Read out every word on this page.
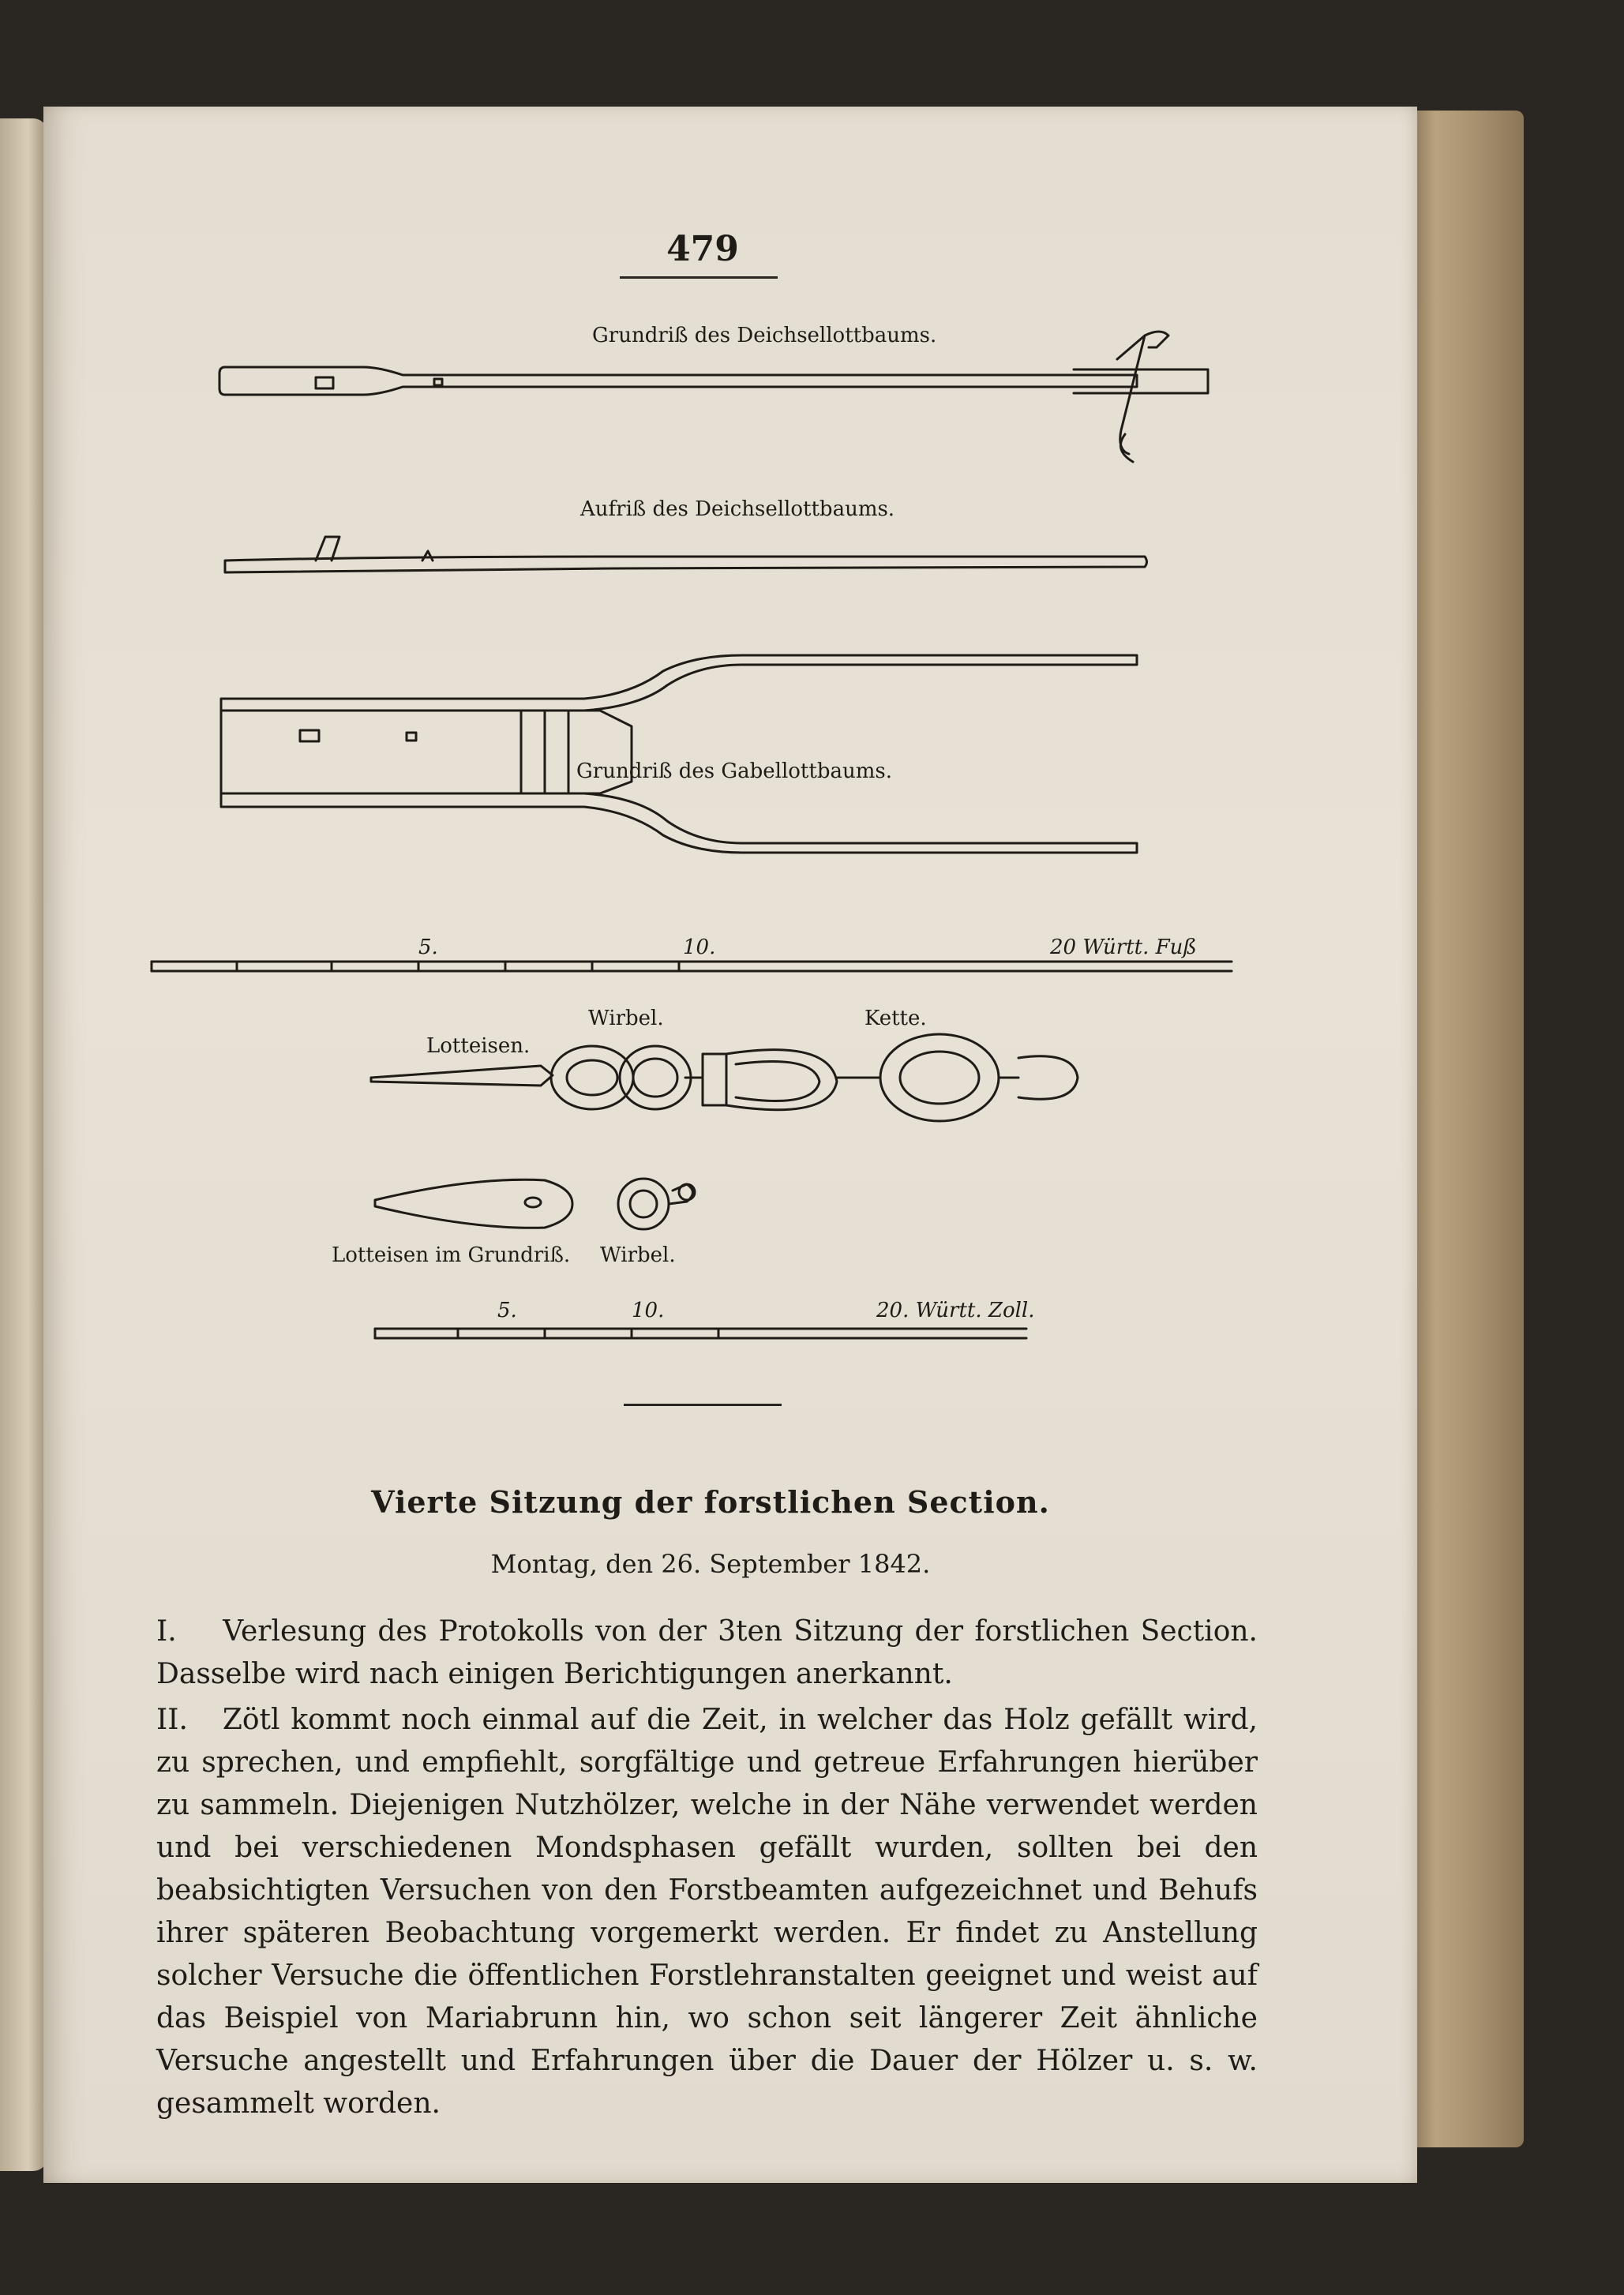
479
Grundriß des Deichsellottbaums.
Aufriß des Deichsellottbaums.
Grundriß des Gabellottbaums.
5.	10.	20 Württ. Fuß
Lotteisen.
Wirbel.	Kette.
Lotteisen im Grundriß. Wirbel.
5.	10.	20. Württ. Zoll.
Vierte Sitzung der forstlichen Section.
Montag, den 26. September 1842.

I. Verlesung des Protokolls von der 3ten Sitzung der forstlichen Section. Dasselbe wird nach einigen Berichtigungen anerkannt.

II. Zötl kommt noch einmal auf die Zeit, in welcher das Holz gefällt wird, zu sprechen, und empfiehlt, sorgfältige und getreue Erfahrungen hierüber zu sammeln. Diejenigen Nutzhölzer, welche in der Nähe verwendet werden und bei verschiedenen Mondsphasen gefällt wurden, sollten bei den beabsichtigten Versuchen von den Forstbeamten aufgezeichnet und Behufs ihrer späteren Beobachtung vorgemerkt werden. Er findet zu Anstellung solcher Versuche die öffentlichen Forstlehranstalten geeignet und weist auf das Beispiel von Mariabrunn hin, wo schon seit längerer Zeit ähnliche Versuche angestellt und Erfahrungen über die Dauer der Hölzer u. s. w. gesammelt worden.
